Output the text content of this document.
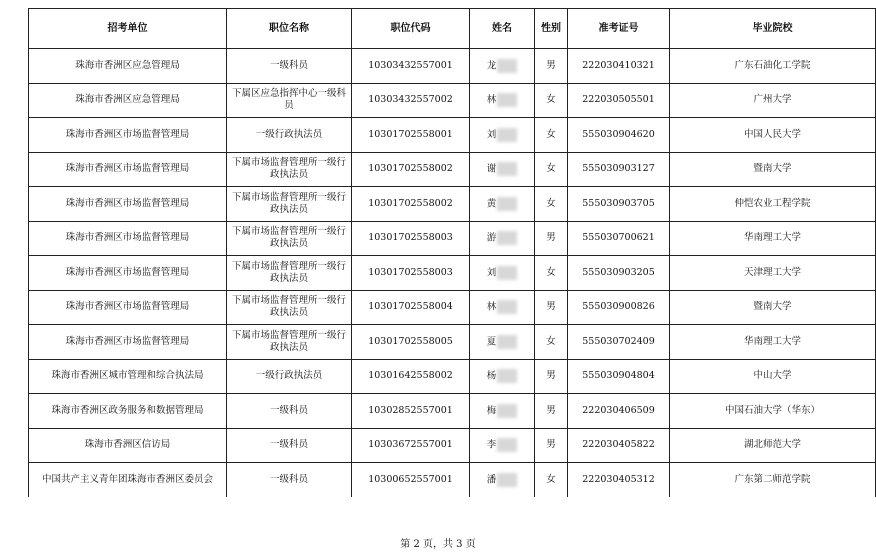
招考单位	职位名称	职位代码	姓名	性别	准考证号	毕业院校
珠海市香洲区应急管理局	一级科员	10303432557001	龙	男	222030410321	广东石油化工学院
珠海市香洲区应急管理局	下属区应急指挥中心一级科员	10303432557002	林	女	222030505501	广州大学
珠海市香洲区市场监督管理局	一级行政执法员	10301702558001	刘	女	555030904620	中国人民大学
珠海市香洲区市场监督管理局	下属市场监督管理所一级行政执法员	10301702558002	谢	女	555030903127	暨南大学
珠海市香洲区市场监督管理局	下属市场监督管理所一级行政执法员	10301702558002	黄	女	555030903705	仲恺农业工程学院
珠海市香洲区市场监督管理局	下属市场监督管理所一级行政执法员	10301702558003	游	男	555030700621	华南理工大学
珠海市香洲区市场监督管理局	下属市场监督管理所一级行政执法员	10301702558003	刘	女	555030903205	天津理工大学
珠海市香洲区市场监督管理局	下属市场监督管理所一级行政执法员	10301702558004	林	男	555030900826	暨南大学
珠海市香洲区市场监督管理局	下属市场监督管理所一级行政执法员	10301702558005	夏	女	555030702409	华南理工大学
珠海市香洲区城市管理和综合执法局	一级行政执法员	10301642558002	杨	男	555030904804	中山大学
珠海市香洲区政务服务和数据管理局	一级科员	10302852557001	梅	男	222030406509	中国石油大学（华东）
珠海市香洲区信访局	一级科员	10303672557001	李	男	222030405822	湖北师范大学
中国共产主义青年团珠海市香洲区委员会	一级科员	10300652557001	潘	女	222030405312	广东第二师范学院
第 2 页，共 3 页
